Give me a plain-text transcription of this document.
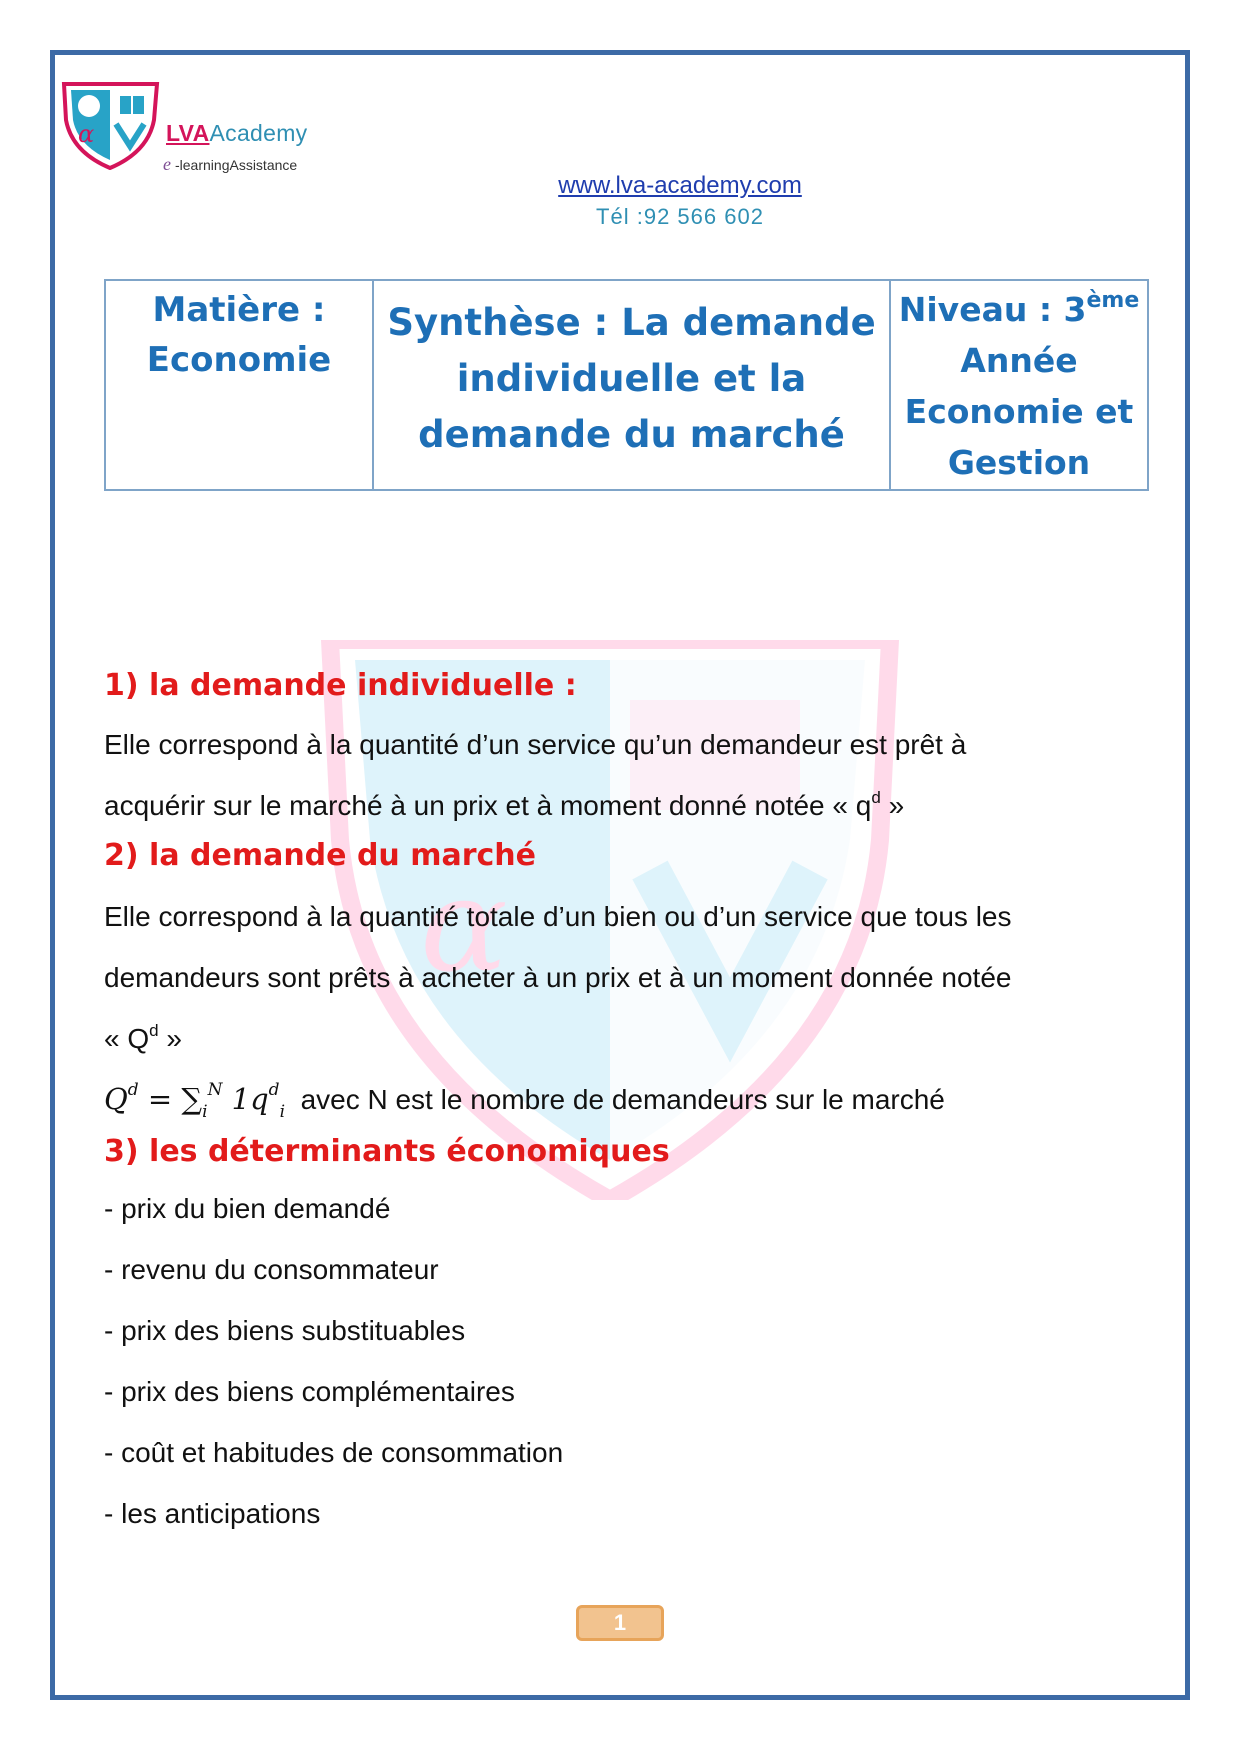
α	LVAAcademy
e -learningAssistance
www.lva-academy.com
Tél :92 566 602
Matière :
Economie

Synthèse : La demande
individuelle et la
demande du marché

Niveau : 3ème
Année
Economie et
Gestion
α

1) la demande individuelle :

Elle correspond à la quantité d’un service qu’un demandeur est prêt à

acquérir sur le marché à un prix et à moment donné notée « $q^d$ »

2) la demande du marché

Elle correspond à la quantité totale d’un bien ou d’un service que tous les

demandeurs sont prêts à acheter à un prix et à un moment donnée notée

« $Q^d$ »

$Q^d = \sum_i^N$ $1q^d_i$ avec N est le nombre de demandeurs sur le marché

3) les déterminants économiques

- prix du bien demandé

- revenu du consommateur

- prix des biens substituables

- prix des biens complémentaires

- coût et habitudes de consommation

- les anticipations

1
